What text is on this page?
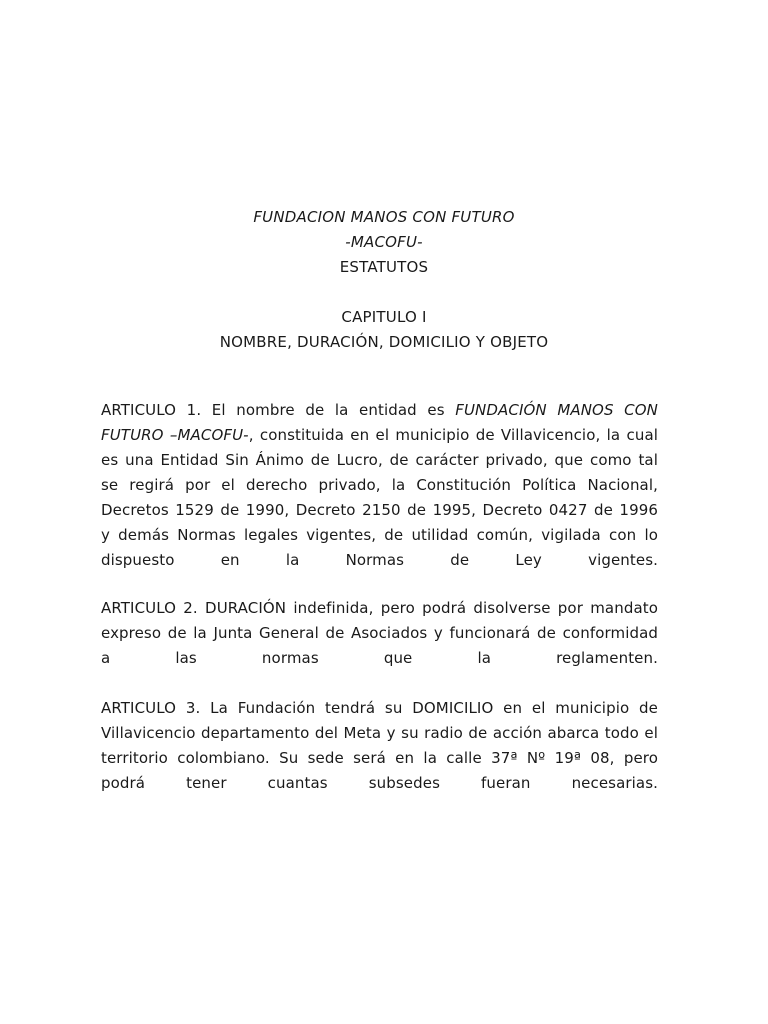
FUNDACION MANOS CON FUTURO
-MACOFU-
ESTATUTOS
CAPITULO I
NOMBRE, DURACIÓN, DOMICILIO Y OBJETO

ARTICULO 1. El nombre de la entidad es FUNDACIÓN MANOS CON FUTURO –MACOFU-, constituida en el municipio de Villavicencio, la cual es una Entidad Sin Ánimo de Lucro, de carácter privado, que como tal se regirá por el derecho privado, la Constitución Política Nacional, Decretos 1529 de 1990, Decreto 2150 de 1995, Decreto 0427 de 1996 y demás Normas legales vigentes, de utilidad común, vigilada con lo dispuesto en la Normas de Ley vigentes.

ARTICULO 2. DURACIÓN indefinida, pero podrá disolverse por mandato expreso de la Junta General de Asociados y funcionará de conformidad a las normas que la reglamenten.

ARTICULO 3. La Fundación tendrá su DOMICILIO en el municipio de Villavicencio departamento del Meta y su radio de acción abarca todo el territorio colombiano. Su sede será en la calle 37ª Nº 19ª 08, pero podrá tener cuantas subsedes fueran necesarias.
